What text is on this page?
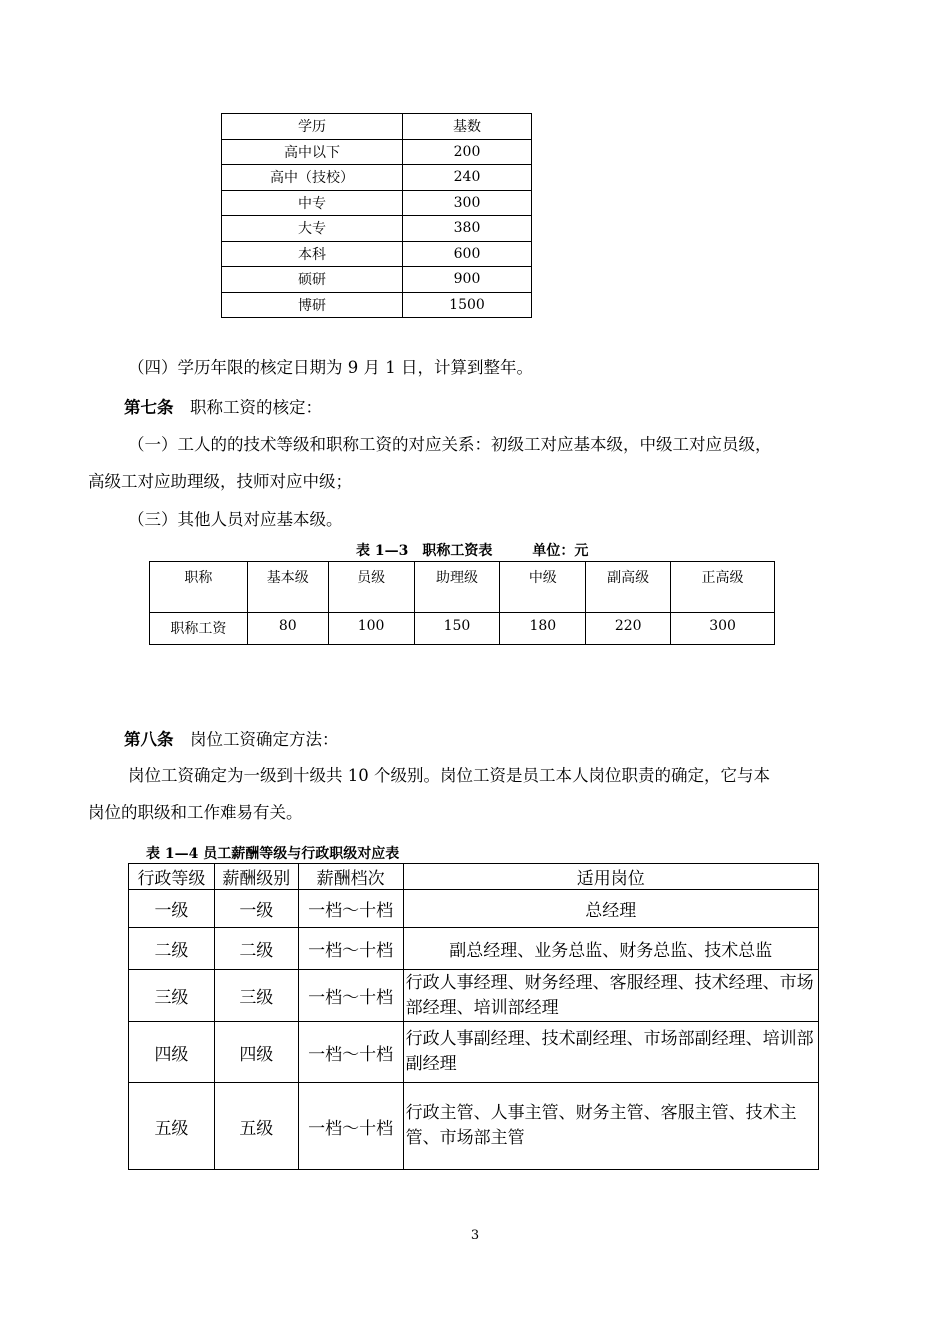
学历	基数
高中以下	200
高中（技校）	240
中专	300
大专	380
本科	600
硕研	900
博研	1500
（四）学历年限的核定日期为 9 月 1 日，计算到整年。
第七条　 职称工资的核定：
（一）工人的的技术等级和职称工资的对应关系：初级工对应基本级，中级工对应员级，
高级工对应助理级，技师对应中级；
（三）其他人员对应基本级。
表 1—3　职称工资表	单位：元
职称	基本级	员级	助理级	中级	副高级	正高级
职称工资	80	100	150	180	220	300
第八条　 岗位工资确定方法：
岗位工资确定为一级到十级共 10 个级别。岗位工资是员工本人岗位职责的确定，它与本
岗位的职级和工作难易有关。
表 1—4 员工薪酬等级与行政职级对应表
行政等级	薪酬级别	薪酬档次	适用岗位
一级	一级	一档～十档	总经理
二级	二级	一档～十档	副总经理、业务总监、财务总监、技术总监
三级	三级	一档～十档	行政人事经理、财务经理、客服经理、技术经理、市场部经理、培训部经理
四级	四级	一档～十档	行政人事副经理、技术副经理、市场部副经理、培训部副经理
五级	五级	一档～十档	行政主管、人事主管、财务主管、客服主管、技术主管、市场部主管
3
